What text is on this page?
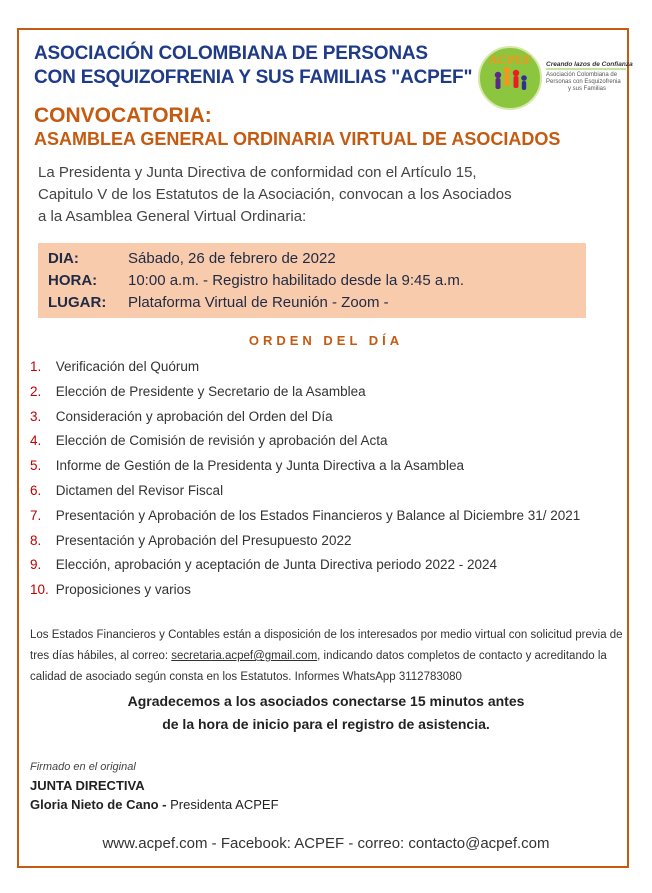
ASOCIACIÓN COLOMBIANA DE PERSONAS
CON ESQUIZOFRENIA Y SUS FAMILIAS "ACPEF"
ACPEF Creando lazos de Confianza
Asociación Colombiana de
Personas con Esquizofrenia
y sus Familias
CONVOCATORIA:
ASAMBLEA GENERAL ORDINARIA VIRTUAL DE ASOCIADOS
La Presidenta y Junta Directiva de conformidad con el Artículo 15,
Capitulo V de los Estatutos de la Asociación, convocan a los Asociados
a la Asamblea General Virtual Ordinaria:
DIA:	Sábado, 26 de febrero de 2022
HORA: 10:00 a.m. - Registro habilitado desde la 9:45 a.m.
LUGAR: Plataforma Virtual de Reunión - Zoom -
ORDEN DEL DÍA
1. Verificación del Quórum
2. Elección de Presidente y Secretario de la Asamblea
3. Consideración y aprobación del Orden del Día
4. Elección de Comisión de revisión y aprobación del Acta
5. Informe de Gestión de la Presidenta y Junta Directiva a la Asamblea
6. Dictamen del Revisor Fiscal
7. Presentación y Aprobación de los Estados Financieros y Balance al Diciembre 31/ 2021
8. Presentación y Aprobación del Presupuesto 2022
9. Elección, aprobación y aceptación de Junta Directiva periodo 2022 - 2024
10. Proposiciones y varios
Los Estados Financieros y Contables están a disposición de los interesados por medio virtual con solicitud previa de tres días hábiles, al correo: secretaria.acpef@gmail.com, indicando datos completos de contacto y acreditando la calidad de asociado según consta en los Estatutos. Informes WhatsApp 3112783080
Agradecemos a los asociados conectarse 15 minutos antes
de la hora de inicio para el registro de asistencia.
Firmado en el original
JUNTA DIRECTIVA
Gloria Nieto de Cano - Presidenta ACPEF
www.acpef.com - Facebook: ACPEF - correo: contacto@acpef.com
